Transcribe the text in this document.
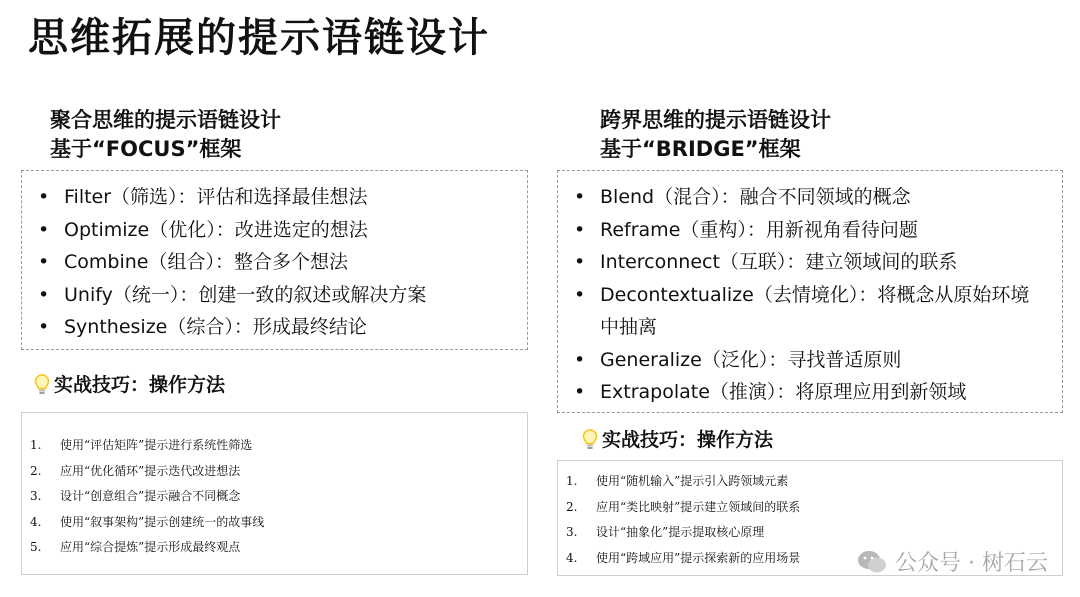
思维拓展的提示语链设计
聚合思维的提示语链设计
基于“FOCUS”框架
• Filter（筛选）：评估和选择最佳想法
• Optimize（优化）：改进选定的想法
• Combine（组合）：整合多个想法
• Unify（统一）：创建一致的叙述或解决方案
• Synthesize（综合）：形成最终结论
实战技巧：操作方法
1.	使用“评估矩阵”提示进行系统性筛选
2.	应用“优化循环”提示迭代改进想法
3.	设计“创意组合”提示融合不同概念
4.	使用“叙事架构”提示创建统一的故事线
5.	应用“综合提炼”提示形成最终观点
跨界思维的提示语链设计
基于“BRIDGE”框架
• Blend（混合）：融合不同领域的概念
• Reframe（重构）：用新视角看待问题
• Interconnect（互联）：建立领域间的联系
• Decontextualize（去情境化）：将概念从原始环境中抽离
• Generalize（泛化）：寻找普适原则
• Extrapolate（推演）：将原理应用到新领域
实战技巧：操作方法
1.	使用“随机输入”提示引入跨领域元素
2.	应用“类比映射”提示建立领域间的联系
3.	设计“抽象化”提示提取核心原理
4.	使用“跨域应用”提示探索新的应用场景	公众号 · 树石云
